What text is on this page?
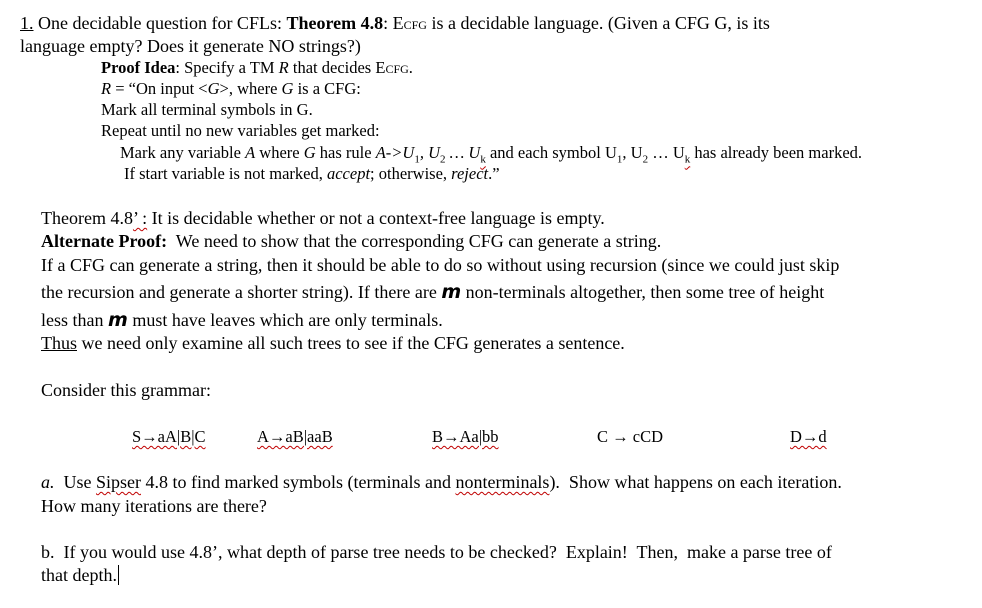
1. One decidable question for CFLs: Theorem 4.8: ECFG is a decidable language. (Given a CFG G, is its
language empty? Does it generate NO strings?)
Proof Idea: Specify a TM R that decides ECFG.
R = “On input <G>, where G is a CFG:
Mark all terminal symbols in G.
Repeat until no new variables get marked:
Mark any variable A where G has rule $A->U_1$, $U_2$ … $U_k$ and each symbol $U_1$, $U_2$ … $U_k$ has already been marked.
If start variable is not marked, accept; otherwise, reject.”
Theorem 4.8’ : It is decidable whether or not a context-free language is empty.
Alternate Proof:  We need to show that the corresponding CFG can generate a string.
If a CFG can generate a string, then it should be able to do so without using recursion (since we could just skip
the recursion and generate a shorter string). If there are m non-terminals altogether, then some tree of height
less than m must have leaves which are only terminals.
Thus we need only examine all such trees to see if the CFG generates a sentence.
Consider this grammar:
S→aA|B|C	A→aB|aaB	B→Aa|bb	C → cCD	D→d
a.  Use Sipser 4.8 to find marked symbols (terminals and nonterminals).  Show what happens on each iteration.
How many iterations are there?
b.  If you would use 4.8’, what depth of parse tree needs to be checked?  Explain!  Then,  make a parse tree of
that depth.
